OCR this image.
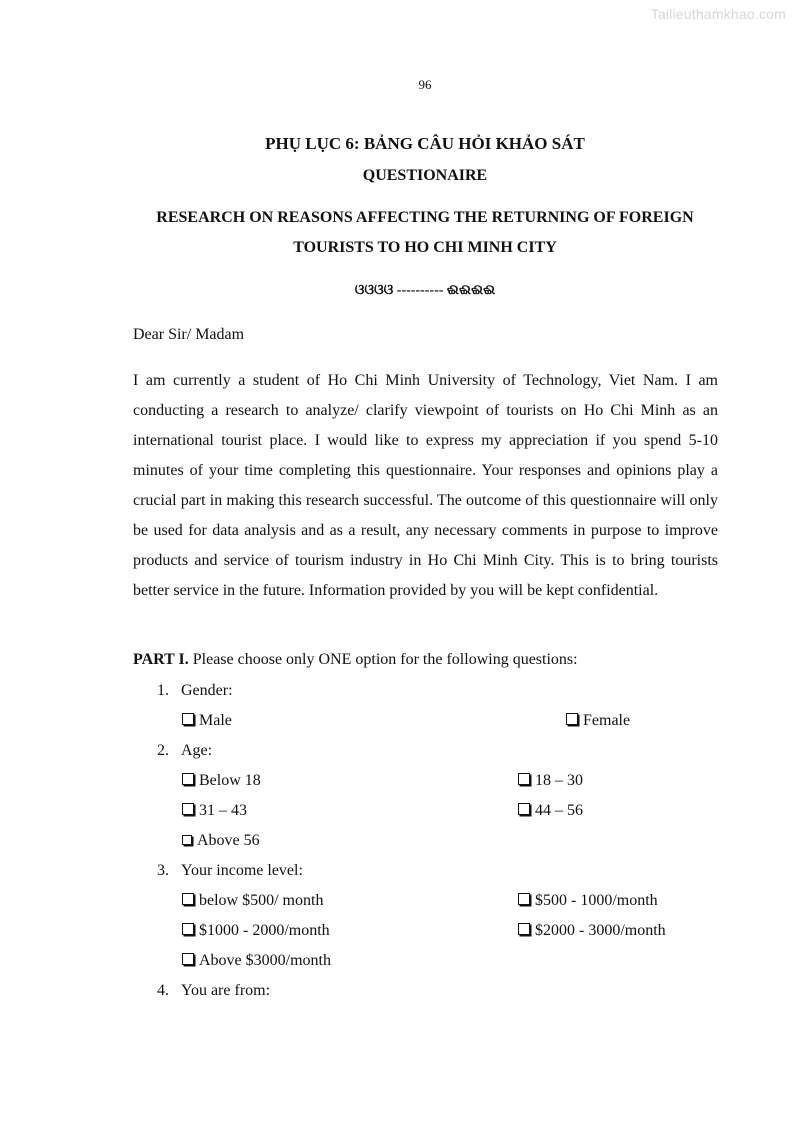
Tailieuthamkhao.com
96
PHỤ LỤC 6: BẢNG CÂU HỎI KHẢO SÁT
QUESTIONAIRE
RESEARCH ON REASONS AFFECTING THE RETURNING OF FOREIGN
TOURISTS TO HO CHI MINH CITY
ଓଓଓଓ ---------- ଈଈଈଈ
Dear Sir/ Madam

I am currently a student of Ho Chi Minh University of Technology, Viet Nam. I am conducting a research to analyze/ clarify viewpoint of tourists on Ho Chi Minh as an international tourist place. I would like to express my appreciation if you spend 5-10 minutes of your time completing this questionnaire. Your responses and opinions play a crucial part in making this research successful. The outcome of this questionnaire will only be used for data analysis and as a result, any necessary comments in purpose to improve products and service of tourism industry in Ho Chi Minh City. This is to bring tourists better service in the future. Information provided by you will be kept confidential.

PART I. Please choose only ONE option for the following questions:
1. Gender:
Male	Female
2. Age:
Below 18	18 – 30
31 – 43	44 – 56
Above 56
3. Your income level:
below $500/ month	$500 - 1000/month
$1000 - 2000/month	$2000 - 3000/month
Above $3000/month
4. You are from:
